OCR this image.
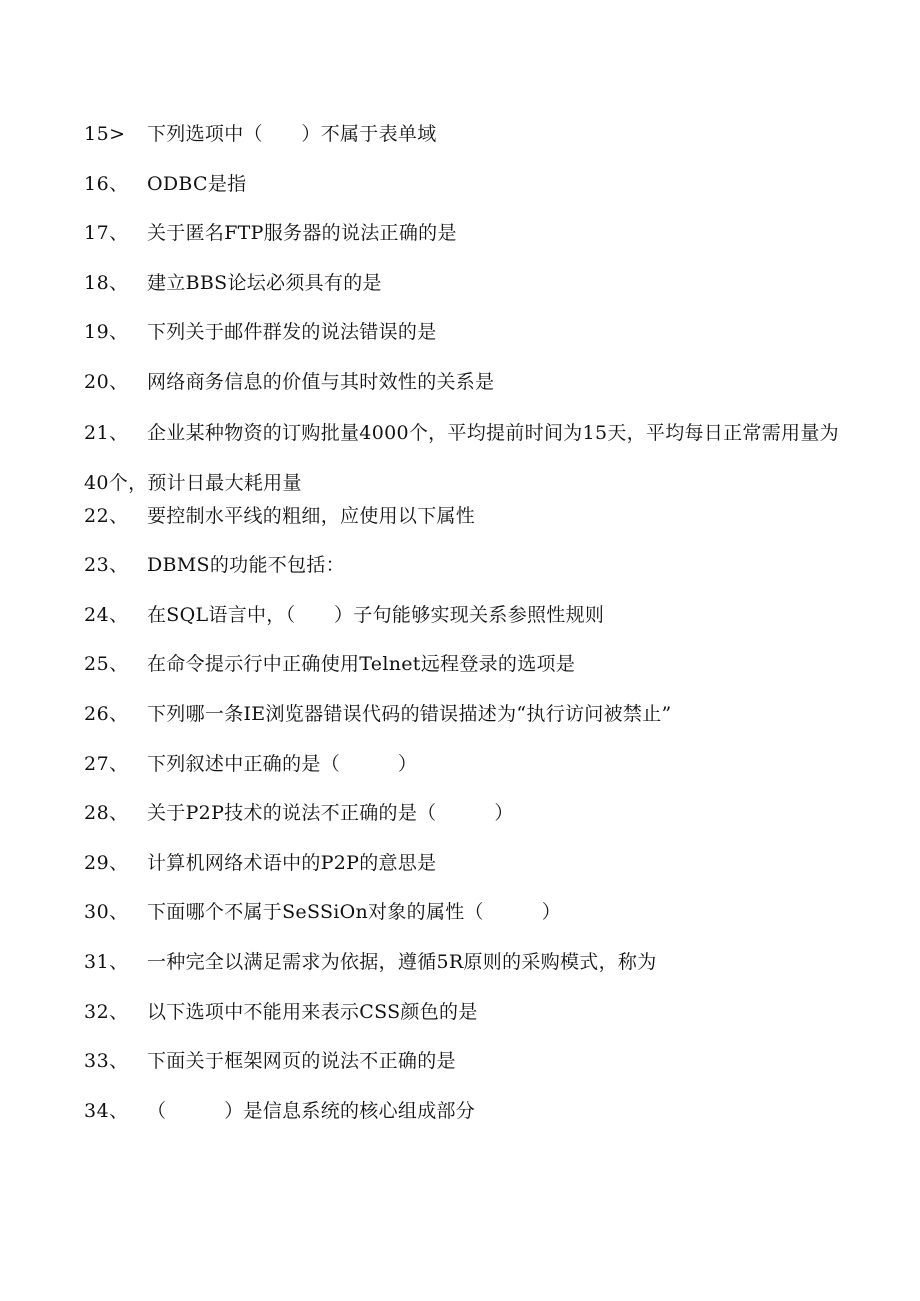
15>	下列选项中（　　）不属于表单域
16、 ODBC是指
17、 关于匿名FTP服务器的说法正确的是
18、 建立BBS论坛必须具有的是
19、 下列关于邮件群发的说法错误的是
20、 网络商务信息的价值与其时效性的关系是
21、 企业某种物资的订购批量4000个，平均提前时间为15天，平均每日正常需用量为40个，预计日最大耗用量
22、 要控制水平线的粗细，应使用以下属性
23、 DBMS的功能不包括：
24、 在SQL语言中，（　　）子句能够实现关系参照性规则
25、 在命令提示行中正确使用Telnet远程登录的选项是
26、 下列哪一条IE浏览器错误代码的错误描述为“执行访问被禁止”
27、 下列叙述中正确的是（　　　）
28、 关于P2P技术的说法不正确的是（　　　）
29、 计算机网络术语中的P2P的意思是
30、 下面哪个不属于SeSSiOn对象的属性（　　　）
31、 一种完全以满足需求为依据，遵循5R原则的采购模式，称为
32、 以下选项中不能用来表示CSS颜色的是
33、 下面关于框架网页的说法不正确的是
34、 （　　　）是信息系统的核心组成部分
